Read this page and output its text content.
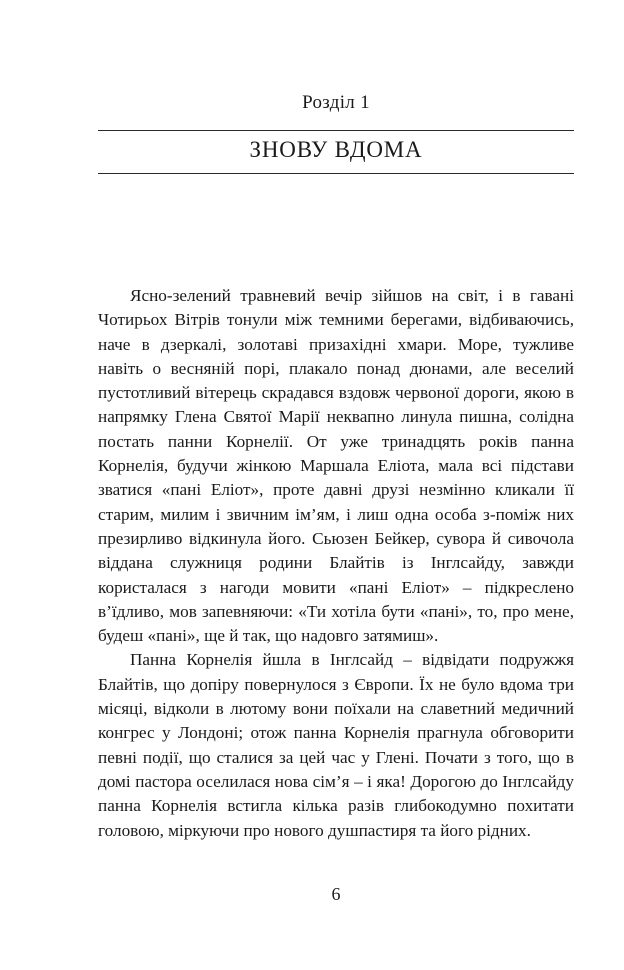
Розділ 1
ЗНОВУ ВДОМА

Ясно-зелений травневий вечір зійшов на світ, і в гавані Чотирьох Вітрів тонули між темними берегами, відбиваючись, наче в дзеркалі, золотаві призахідні хмари. Море, тужливе навіть о весняній порі, плакало понад дюнами, але веселий пустотливий вітерець скрадався вздовж червоної дороги, якою в напрямку Глена Святої Марії неквапно линула пишна, солідна постать панни Корнелії. От уже тринадцять років панна Корнелія, будучи жінкою Маршала Еліота, мала всі підстави зватися «пані Еліот», проте давні друзі незмінно кликали її старим, милим і звичним ім’ям, і лиш одна особа з-поміж них презирливо відкинула його. Сьюзен Бейкер, сувора й сивочола віддана служниця родини Блайтів із Інглсайду, завжди користалася з нагоди мовити «пані Еліот» – підкреслено в’їдливо, мов запевняючи: «Ти хотіла бути «пані», то, про мене, будеш «пані», ще й так, що надовго затямиш».

Панна Корнелія йшла в Інглсайд – відвідати подружжя Блайтів, що допіру повернулося з Європи. Їх не було вдома три місяці, відколи в лютому вони поїхали на славетний медичний конгрес у Лондоні; отож панна Корнелія прагнула обговорити певні події, що сталися за цей час у Глені. Почати з того, що в домі пастора оселилася нова сім’я – і яка! Дорогою до Інглсайду панна Корнелія встигла кілька разів глибокодумно похитати головою, міркуючи про нового душпастиря та його рідних.

6
